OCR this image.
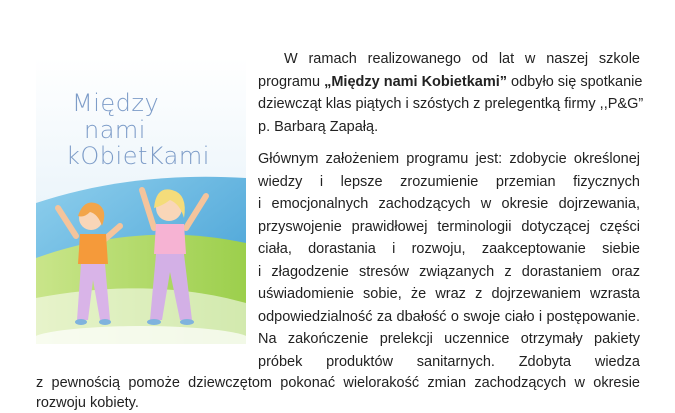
Między
nami
kObietKami
W ramach realizowanego od lat w naszej szkole
programu „Między nami Kobietkami” odbyło się spotkanie
dziewcząt klas piątych i szóstych z prelegentką firmy ,,P&G”
p. Barbarą Zapałą.
Głównym założeniem programu jest: zdobycie określonej
wiedzy i lepsze zrozumienie przemian fizycznych
i emocjonalnych zachodzących w okresie dojrzewania,
przyswojenie prawidłowej terminologii dotyczącej części
ciała, dorastania i rozwoju, zaakceptowanie siebie
i złagodzenie stresów związanych z dorastaniem oraz
uświadomienie sobie, że wraz z dojrzewaniem wzrasta
odpowiedzialność za dbałość o swoje ciało i postępowanie.
Na zakończenie prelekcji uczennice otrzymały pakiety
próbek produktów sanitarnych. Zdobyta wiedza
z pewnością pomoże dziewczętom pokonać wielorakość zmian zachodzących w okresie
rozwoju kobiety.
